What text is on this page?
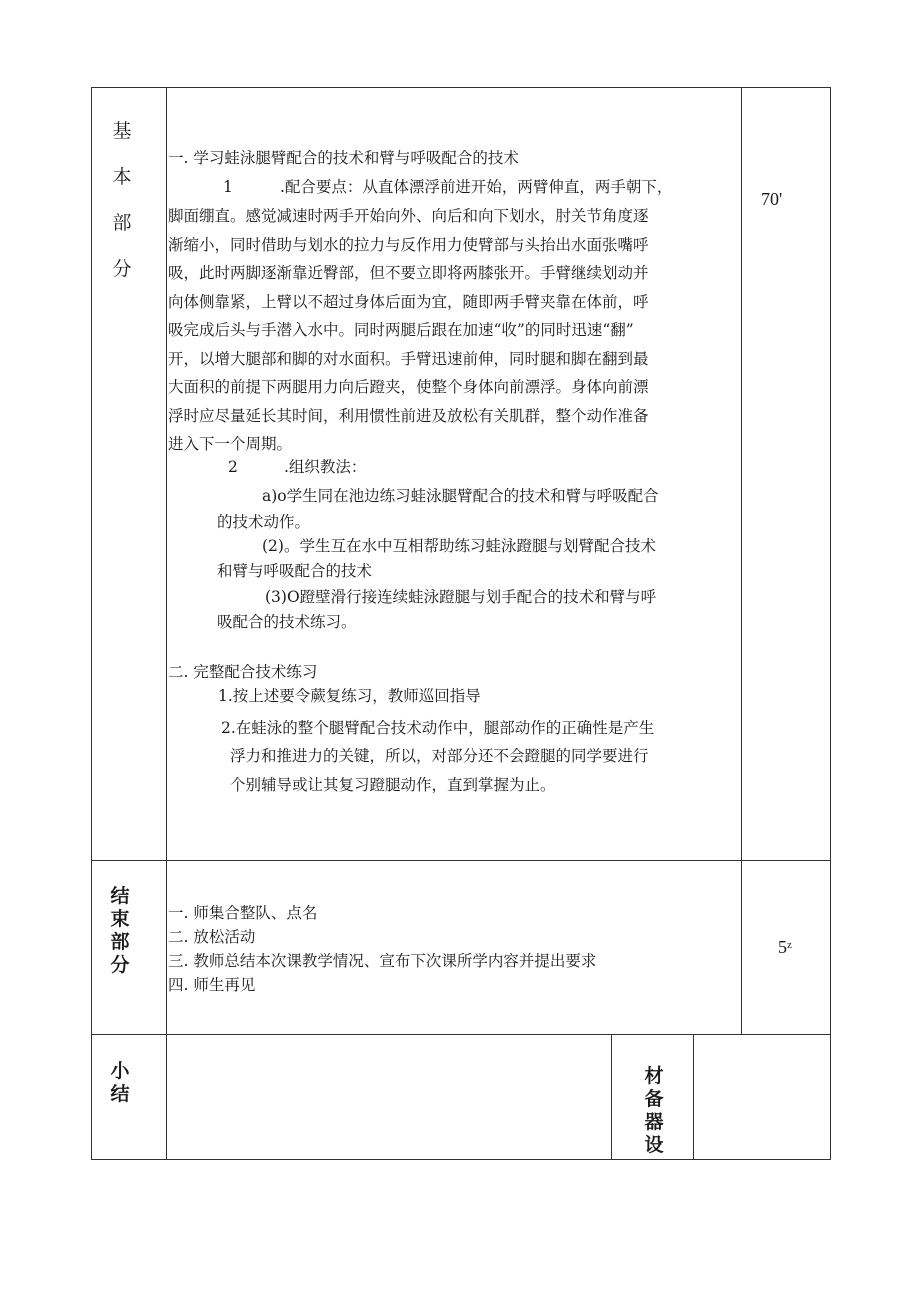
基
本
部
分

一. 学习蛙泳腿臂配合的技术和臂与呼吸配合的技术

1	.配合要点：从直体漂浮前进开始，两臂伸直，两手朝下，

脚面绷直。感觉减速时两手开始向外、向后和向下划水，肘关节角度逐

渐缩小，同时借助与划水的拉力与反作用力使臂部与头抬出水面张嘴呼

吸，此时两脚逐渐靠近臀部，但不要立即将两膝张开。手臂继续划动并

向体侧靠紧，上臂以不超过身体后面为宜，随即两手臂夹靠在体前，呼

吸完成后头与手潜入水中。同时两腿后跟在加速“收”的同时迅速“翻”

开，以增大腿部和脚的对水面积。手臂迅速前伸，同时腿和脚在翻到最

大面积的前提下两腿用力向后蹬夹，使整个身体向前漂浮。身体向前漂

浮时应尽量延长其时间，利用惯性前进及放松有关肌群，整个动作准备

进入下一个周期。

2	.组织教法：

a)o学生同在池边练习蛙泳腿臂配合的技术和臂与呼吸配合

的技术动作。

(2)。学生互在水中互相帮助练习蛙泳蹬腿与划臂配合技术

和臂与呼吸配合的技术

(3)O蹬壁滑行接连续蛙泳蹬腿与划手配合的技术和臂与呼

吸配合的技术练习。

二. 完整配合技术练习

1.按上述要令蕨复练习，教师巡回指导

2.在蛙泳的整个腿臂配合技术动作中，腿部动作的正确性是产生

浮力和推进力的关键，所以，对部分还不会蹬腿的同学要进行

个别辅导或让其复习蹬腿动作，直到掌握为止。

70'
结
束
部
分

一. 师集合整队、点名

二. 放松活动

三. 教师总结本次课教学情况、宣布下次课所学内容并提出要求

四. 师生再见

5ᶻ
小
结
材
备
器
设
